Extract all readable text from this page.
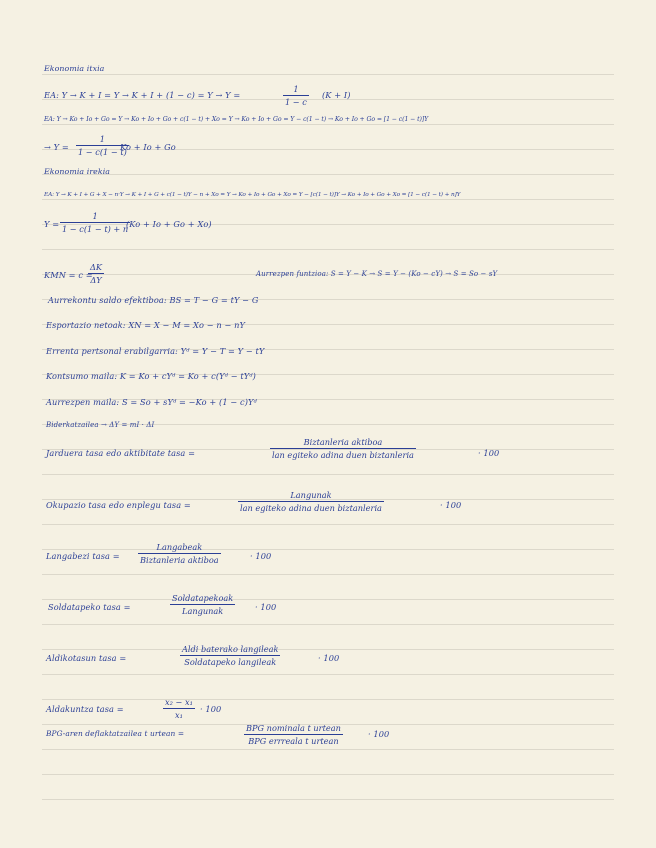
Ekonomia itxia
EA: Y → K + I = Y → K + I + (1 − c) = Y → Y =
1
1 − c
(K + I)
EA: Y → Ko + Io + Go = Y → Ko + Io + Go + c(1 − t) + Xo = Y → Ko + Io + Go = Y − c(1 − t) → Ko + Io + Go = [1 − c(1 − t)]Y
→ Y =
1
1 − c(1 − t)
Ko + Io + Go
Ekonomia irekia
EA: Y → K + I + G + X − n·Y → K + I + G + c(1 − t)Y − n + Xo = Y → Ko + Io + Go + Xo = Y − [c(1 − t)]Y → Ko + Io + Go + Xo = [1 − c(1 − t) + n]Y
Y =
1
1 − c(1 − t) + n
(Ko + Io + Go + Xo)
KMN = c =
ΔK
ΔY
Aurrezpen funtzioa: S = Y − K → S = Y − (Ko − cY) → S = So − sY
Aurrekontu saldo efektiboa: BS = T − G = tY − G
Esportazio netoak: XN = X − M = Xo − n − nY
Errenta pertsonal erabilgarria: Yᵈ = Y − T = Y − tY
Kontsumo maila: K = Ko + cYᵈ = Ko + c(Yᵈ − tYᵈ)
Aurrezpen maila: S = So + sYᵈ = −Ko + (1 − c)Yᵈ
Biderkatzailea → ΔY = mI · ΔI
Jarduera tasa edo aktibitate tasa =
Biztanleria aktiboa
lan egiteko adina duen biztanleria	· 100
Okupazio tasa edo enplegu tasa =
Langunak
lan egiteko adina duen biztanleria	· 100
Langabezi tasa =
Langabeak
Biztanleria aktiboa	· 100
Soldatapeko tasa =
Soldatapekoak
Langunak	· 100
Aldikotasun tasa =
Aldi baterako langileak
Soldatapeko langileak	· 100
Aldakuntza tasa =
x₂ − x₁
x₁
· 100
BPG-aren deflaktatzailea t urtean =
BPG nominala t urtean
BPG errreala t urtean
· 100
